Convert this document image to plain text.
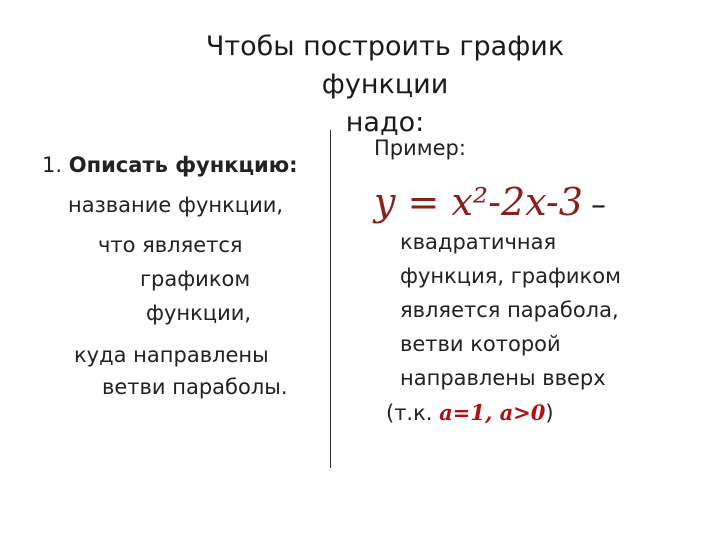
Чтобы построить график функции
надо:
1. Описать функцию:
название функции,
что является
графиком
функции,
куда направлены
ветви параболы.
Пример:
y = x²-2x-3 –
квадратичная
функция, графиком
является парабола,
ветви которой
направлены вверх
(т.к. a=1, a>0)
